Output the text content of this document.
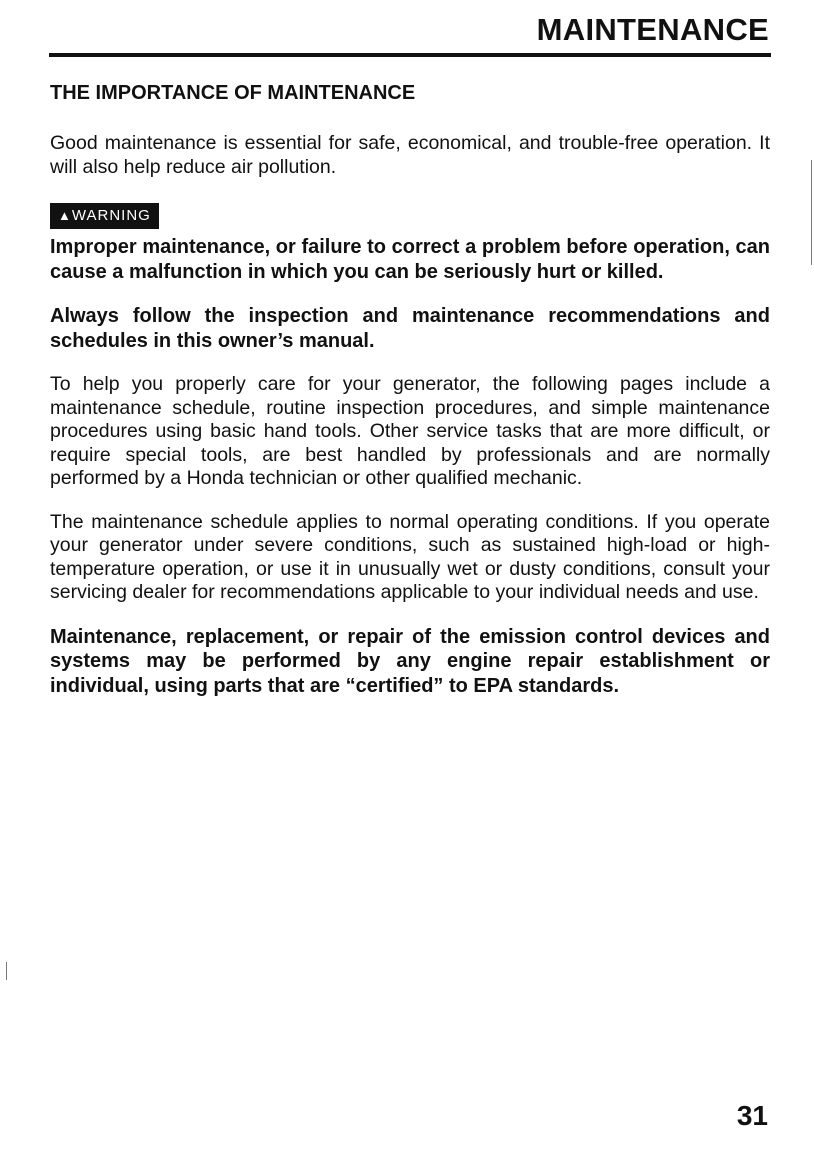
MAINTENANCE
THE IMPORTANCE OF MAINTENANCE

Good maintenance is essential for safe, economical, and trouble-free operation. It will also help reduce air pollution.

▲WARNING

Improper maintenance, or failure to correct a problem before operation, can cause a malfunction in which you can be seriously hurt or killed.

Always follow the inspection and maintenance recommendations and schedules in this owner’s manual.

To help you properly care for your generator, the following pages include a maintenance schedule, routine inspection procedures, and simple maintenance procedures using basic hand tools. Other service tasks that are more difficult, or require special tools, are best handled by professionals and are normally performed by a Honda technician or other qualified mechanic.

The maintenance schedule applies to normal operating conditions. If you operate your generator under severe conditions, such as sustained high-load or high-temperature operation, or use it in unusually wet or dusty conditions, consult your servicing dealer for recommendations applicable to your individual needs and use.

Maintenance, replacement, or repair of the emission control devices and systems may be performed by any engine repair establishment or individual, using parts that are “certified” to EPA standards.

31
